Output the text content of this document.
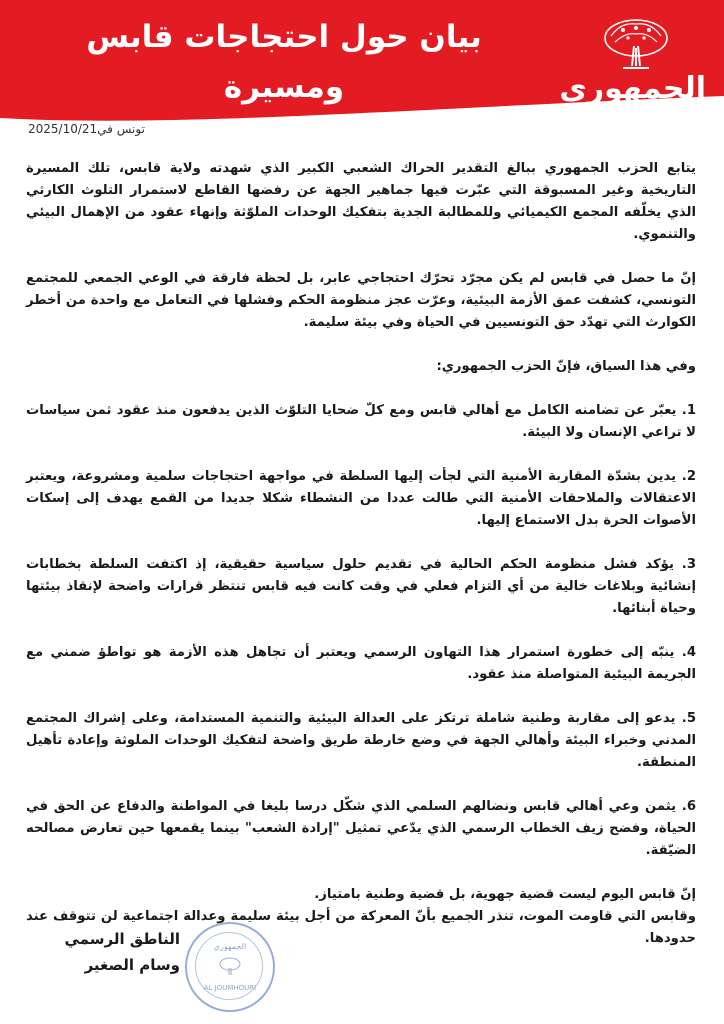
الجمهوري
بيان حول احتجاجات قابس ومسيرة
الكرامة البيئية
تونس في2025/10/21

يتابع الحزب الجمهوري ببالغ التقدير الحراك الشعبي الكبير الذي شهدته ولاية قابس، تلك المسيرة التاريخية وغير المسبوقة التي عبّرت فيها جماهير الجهة عن رفضها القاطع لاستمرار التلوث الكارثي الذي يخلّفه المجمع الكيميائي وللمطالبة الجدية بتفكيك الوحدات الملوّثة وإنهاء عقود من الإهمال البيئي والتنموي.

إنّ ما حصل في قابس لم يكن مجرّد تحرّك احتجاجي عابر، بل لحظة فارقة في الوعي الجمعي للمجتمع التونسي، كشفت عمق الأزمة البيئية، وعرّت عجز منظومة الحكم وفشلها في التعامل مع واحدة من أخطر الكوارث التي تهدّد حق التونسيين في الحياة وفي بيئة سليمة.

وفي هذا السياق، فإنّ الحزب الجمهوري:

1. يعبّر عن تضامنه الكامل مع أهالي قابس ومع كلّ ضحايا التلوّث الذين يدفعون منذ عقود ثمن سياسات لا تراعي الإنسان ولا البيئة.

2. يدين بشدّة المقاربة الأمنية التي لجأت إليها السلطة في مواجهة احتجاجات سلمية ومشروعة، ويعتبر الاعتقالات والملاحقات الأمنية التي طالت عددا من النشطاء شكلا جديدا من القمع يهدف إلى إسكات الأصوات الحرة بدل الاستماع إليها.

3. يؤكد فشل منظومة الحكم الحالية في تقديم حلول سياسية حقيقية، إذ اكتفت السلطة بخطابات إنشائية وبلاغات خالية من أي التزام فعلي في وقت كانت فيه قابس تنتظر قرارات واضحة لإنقاذ بيئتها وحياة أبنائها.

4. ينبّه إلى خطورة استمرار هذا التهاون الرسمي ويعتبر أن تجاهل هذه الأزمة هو تواطؤ ضمني مع الجريمة البيئية المتواصلة منذ عقود.

5. يدعو إلى مقاربة وطنية شاملة ترتكز على العدالة البيئية والتنمية المستدامة، وعلى إشراك المجتمع المدني وخبراء البيئة وأهالي الجهة في وضع خارطة طريق واضحة لتفكيك الوحدات الملوثة وإعادة تأهيل المنطقة.

6. يثمن وعي أهالي قابس ونضالهم السلمي الذي شكّل درسا بليغا في المواطنة والدفاع عن الحق في الحياة، وفضح زيف الخطاب الرسمي الذي يدّعي تمثيل "إرادة الشعب" بينما يقمعها حين تعارض مصالحه الضيّقة.

إنّ قابس اليوم ليست قضية جهوية، بل قضية وطنية بامتياز.

وقابس التي قاومت الموت، تنذر الجميع بأنّ المعركة من أجل بيئة سليمة وعدالة اجتماعية لن تتوقف عند حدودها.

الجمهوري
AL JOUMHOURI
الناطق الرسمي
وسام الصغير
